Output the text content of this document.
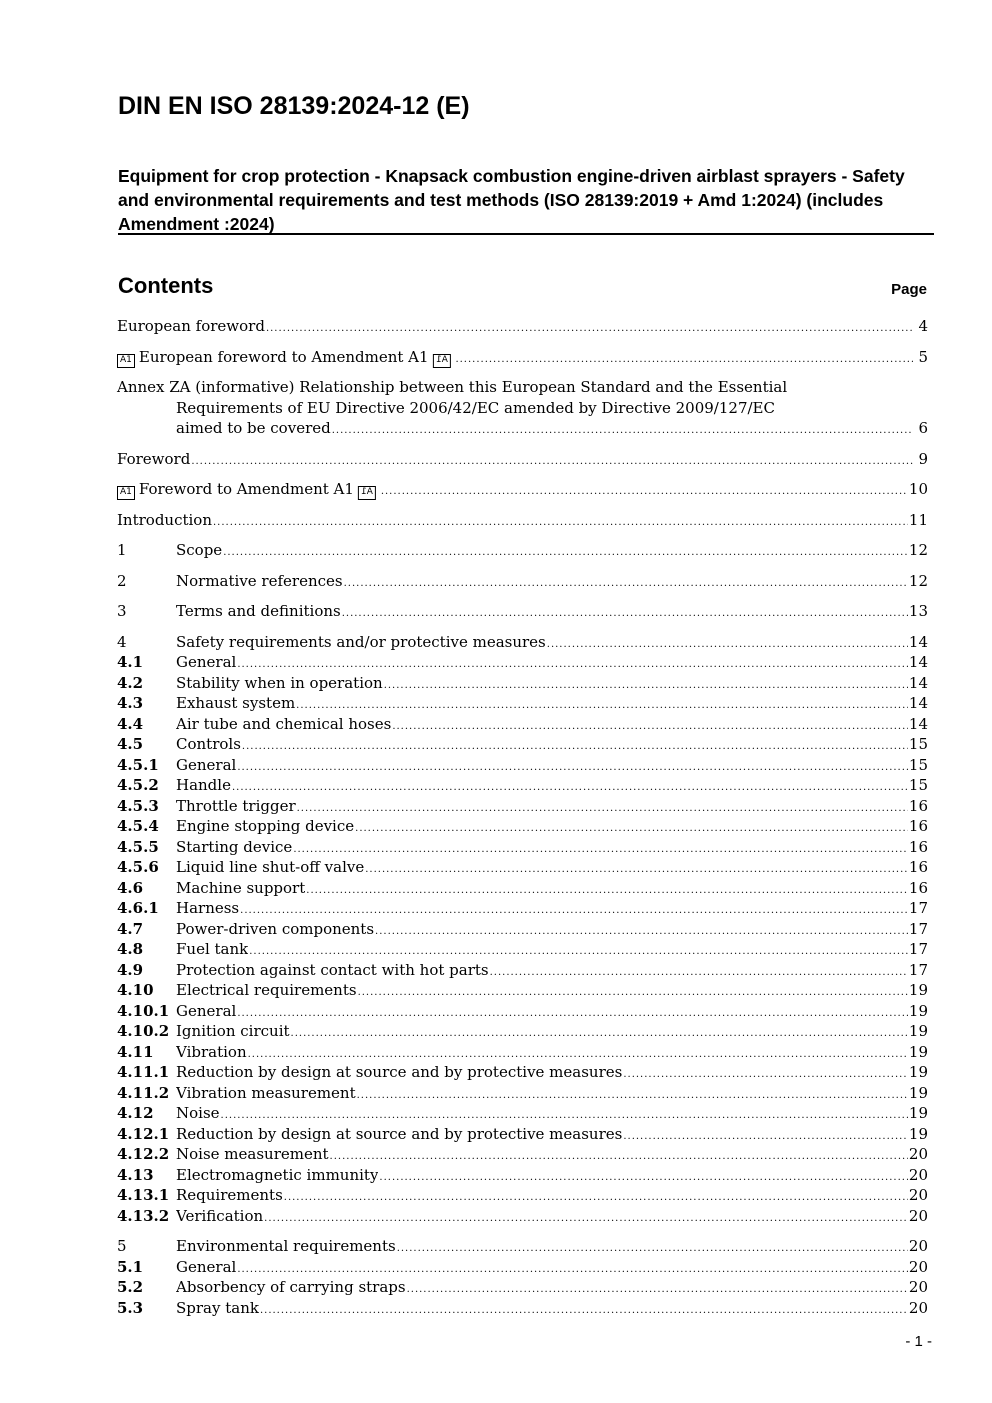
DIN EN ISO 28139:2024-12 (E)
Equipment for crop protection - Knapsack combustion engine-driven airblast sprayers - Safety and environmental requirements and test methods (ISO 28139:2019 + Amd 1:2024) (includes Amendment :2024)
Contents	Page
European foreword .....	4
A1 European foreword to Amendment A1 A1 .....	5
Annex ZA (informative) Relationship between this European Standard and the Essential
Requirements of EU Directive 2006/42/EC amended by Directive 2009/127/EC
aimed to be covered .....	6
Foreword .....	9
A1 Foreword to Amendment A1 A1 .....	10
Introduction .....	11
1	Scope .....	12
2	Normative references .....	12
3	Terms and definitions .....	13
4	Safety requirements and/or protective measures .....	14
4.1	General .....	14
4.2	Stability when in operation .....	14
4.3	Exhaust system .....	14
4.4	Air tube and chemical hoses .....	14
4.5	Controls .....	15
4.5.1	General .....	15
4.5.2	Handle .....	15
4.5.3	Throttle trigger .....	16
4.5.4	Engine stopping device .....	16
4.5.5	Starting device .....	16
4.5.6	Liquid line shut-off valve .....	16
4.6	Machine support .....	16
4.6.1	Harness .....	17
4.7	Power-driven components .....	17
4.8	Fuel tank .....	17
4.9	Protection against contact with hot parts .....	17
4.10	Electrical requirements .....	19
4.10.1 General .....	19
4.10.2 Ignition circuit .....	19
4.11	Vibration .....	19
4.11.1 Reduction by design at source and by protective measures .....	19
4.11.2 Vibration measurement .....	19
4.12	Noise .....	19
4.12.1 Reduction by design at source and by protective measures .....	19
4.12.2 Noise measurement .....	20
4.13	Electromagnetic immunity .....	20
4.13.1 Requirements .....	20
4.13.2 Verification .....	20
5	Environmental requirements .....	20
5.1	General .....	20
5.2	Absorbency of carrying straps .....	20
5.3	Spray tank .....	20
- 1 -
